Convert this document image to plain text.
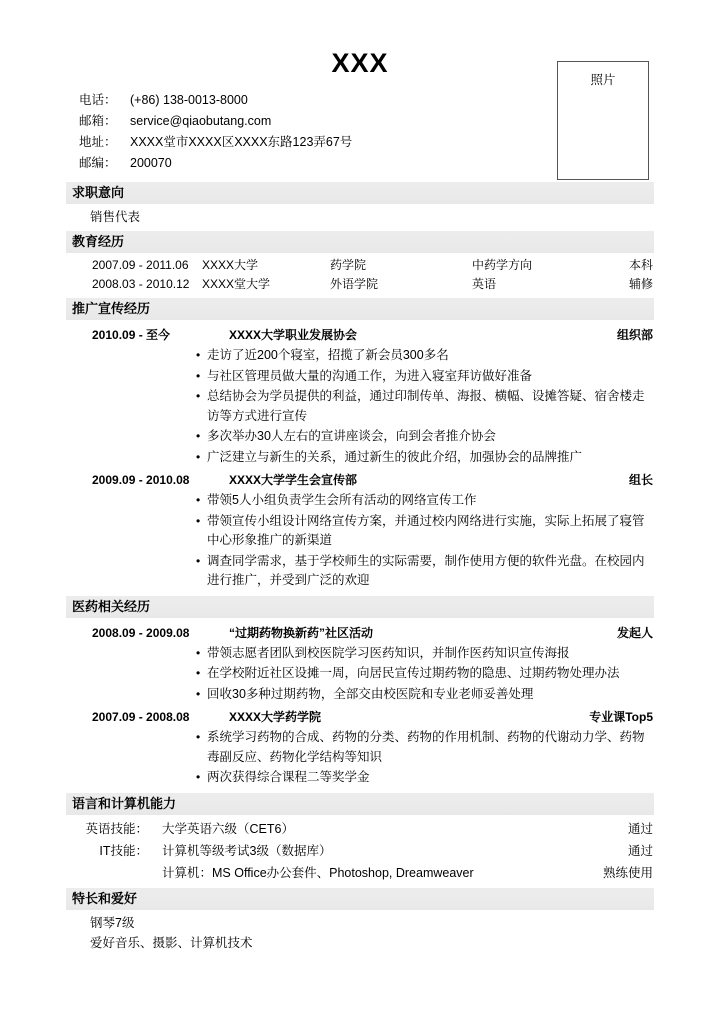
XXX
电话：	(+86) 138-0013-8000
邮箱：	service@qiaobutang.com
地址：	XXXX堂市XXXX区XXXX东路123弄67号
邮编：	200070
照片
求职意向
销售代表
教育经历
2007.09 - 2011.06	XXXX大学	药学院	中药学方向	本科
2008.03 - 2010.12	XXXX堂大学	外语学院	英语	辅修
推广宣传经历
2010.09 - 至今	XXXX大学职业发展协会	组织部
• 走访了近200个寝室，招揽了新会员300多名
• 与社区管理员做大量的沟通工作，为进入寝室拜访做好准备
• 总结协会为学员提供的利益，通过印制传单、海报、横幅、设摊答疑、宿舍楼走访等方式进行宣传
• 多次举办30人左右的宣讲座谈会，向到会者推介协会
• 广泛建立与新生的关系，通过新生的彼此介绍，加强协会的品牌推广
2009.09 - 2010.08	XXXX大学学生会宣传部	组长
• 带领5人小组负责学生会所有活动的网络宣传工作
• 带领宣传小组设计网络宣传方案，并通过校内网络进行实施，实际上拓展了寝管中心形象推广的新渠道
• 调查同学需求，基于学校师生的实际需要，制作使用方便的软件光盘。在校园内进行推广，并受到广泛的欢迎
医药相关经历
2008.09 - 2009.08	“过期药物换新药”社区活动	发起人
• 带领志愿者团队到校医院学习医药知识，并制作医药知识宣传海报
• 在学校附近社区设摊一周，向居民宣传过期药物的隐患、过期药物处理办法
• 回收30多种过期药物，全部交由校医院和专业老师妥善处理
2007.09 - 2008.08	XXXX大学药学院	专业课Top5
• 系统学习药物的合成、药物的分类、药物的作用机制、药物的代谢动力学、药物毒副反应、药物化学结构等知识
• 两次获得综合课程二等奖学金
语言和计算机能力
英语技能：	大学英语六级（CET6）	通过
IT技能：	计算机等级考试3级（数据库）	通过
计算机：MS Office办公套件、Photoshop, Dreamweaver	熟练使用
特长和爱好
钢琴7级
爱好音乐、摄影、计算机技术
